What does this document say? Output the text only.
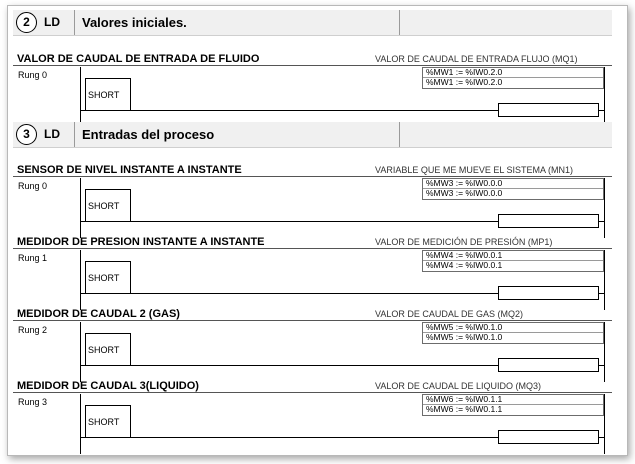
2	LD Valores iniciales.
VALOR DE CAUDAL DE ENTRADA DE FLUIDO	VALOR DE CAUDAL DE ENTRADA FLUJO (MQ1)
Rung 0
SHORT
%MW1 := %IW0.2.0
%MW1 := %IW0.2.0
3	LD Entradas del proceso
SENSOR DE NIVEL INSTANTE A INSTANTE	VARIABLE QUE ME MUEVE EL SISTEMA (MN1)
Rung 0
SHORT
%MW3 := %IW0.0.0
%MW3 := %IW0.0.0
MEDIDOR DE PRESION INSTANTE A INSTANTE	VALOR DE MEDICIÓN DE PRESIÓN (MP1)
Rung 1
SHORT
%MW4 := %IW0.0.1
%MW4 := %IW0.0.1
MEDIDOR DE CAUDAL 2 (GAS)	VALOR DE CAUDAL DE GAS (MQ2)
Rung 2
SHORT
%MW5 := %IW0.1.0
%MW5 := %IW0.1.0
MEDIDOR DE CAUDAL 3(LIQUIDO)	VALOR DE CAUDAL DE LIQUIDO (MQ3)
Rung 3
SHORT
%MW6 := %IW0.1.1
%MW6 := %IW0.1.1
